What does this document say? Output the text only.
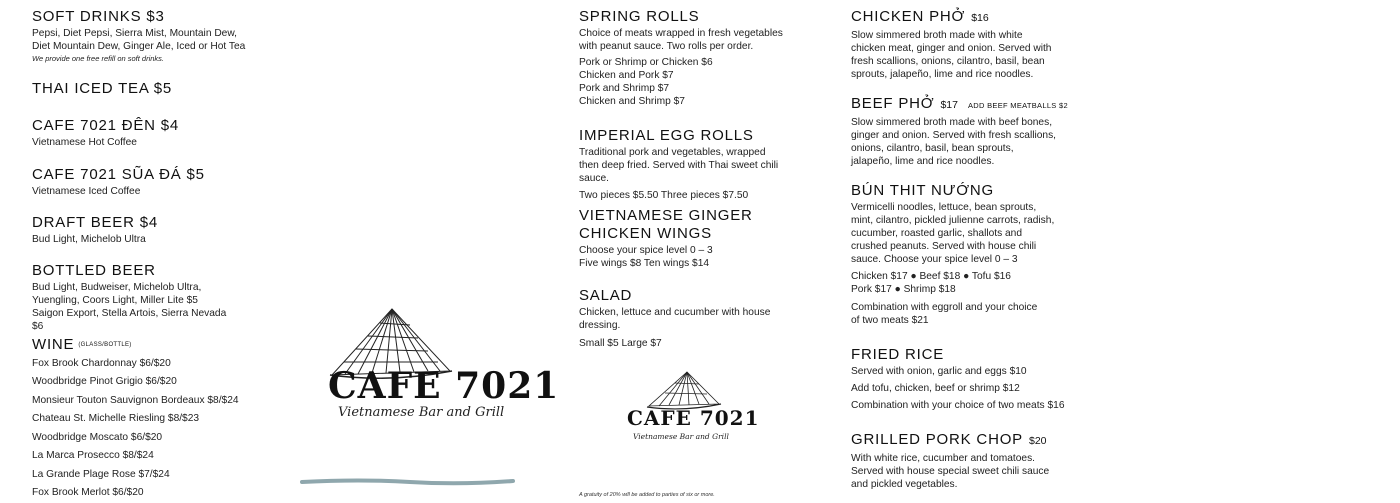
SOFT DRINKS $3
Pepsi, Diet Pepsi, Sierra Mist, Mountain Dew, Diet Mountain Dew, Ginger Ale, Iced or Hot Tea
We provide one free refill on soft drinks.
THAI ICED TEA $5
CAFE 7021 ĐÊN $4
Vietnamese Hot Coffee
CAFE 7021 SŨA ĐÁ $5
Vietnamese Iced Coffee
DRAFT BEER $4
Bud Light, Michelob Ultra
BOTTLED BEER
Bud Light, Budweiser, Michelob Ultra, Yuengling, Coors Light, Miller Lite $5 Saigon Export, Stella Artois, Sierra Nevada $6
WINE (GLASS/BOTTLE)
Fox Brook Chardonnay $6/$20
Woodbridge Pinot Grigio $6/$20
Monsieur Touton Sauvignon Bordeaux $8/$24
Chateau St. Michelle Riesling $8/$23
Woodbridge Moscato $6/$20
La Marca Prosecco $8/$24
La Grande Plage Rose $7/$24
Fox Brook Merlot $6/$20
CAFE 7021
Vietnamese Bar and Grill
SPRING ROLLS
Choice of meats wrapped in fresh vegetables with peanut sauce. Two rolls per order.
Pork or Shrimp or Chicken $6
Chicken and Pork $7
Pork and Shrimp $7
Chicken and Shrimp $7
IMPERIAL EGG ROLLS
Traditional pork and vegetables, wrapped then deep fried. Served with Thai sweet chili sauce.
Two pieces $5.50 Three pieces $7.50
VIETNAMESE GINGER
CHICKEN WINGS
Choose your spice level 0 – 3
Five wings $8 Ten wings $14
SALAD
Chicken, lettuce and cucumber with house dressing.
Small $5 Large $7
CAFE 7021
Vietnamese Bar and Grill
A gratuity of 20% will be added to parties of six or more.
CHICKEN PHỞ $16
Slow simmered broth made with white chicken meat, ginger and onion. Served with fresh scallions, onions, cilantro, basil, bean sprouts, jalapeño, lime and rice noodles.
BEEF PHỞ $17 ADD BEEF MEATBALLS $2
Slow simmered broth made with beef bones, ginger and onion. Served with fresh scallions, onions, cilantro, basil, bean sprouts, jalapeño, lime and rice noodles.
BÚN THIT NƯỚNG
Vermicelli noodles, lettuce, bean sprouts, mint, cilantro, pickled julienne carrots, radish, cucumber, roasted garlic, shallots and crushed peanuts. Served with house chili sauce. Choose your spice level 0 – 3
Chicken $17 ● Beef $18 ● Tofu $16
Pork $17 ● Shrimp $18
Combination with eggroll and your choice of two meats $21
FRIED RICE
Served with onion, garlic and eggs $10
Add tofu, chicken, beef or shrimp $12
Combination with your choice of two meats $16
GRILLED PORK CHOP $20
With white rice, cucumber and tomatoes. Served with house special sweet chili sauce and pickled vegetables.
